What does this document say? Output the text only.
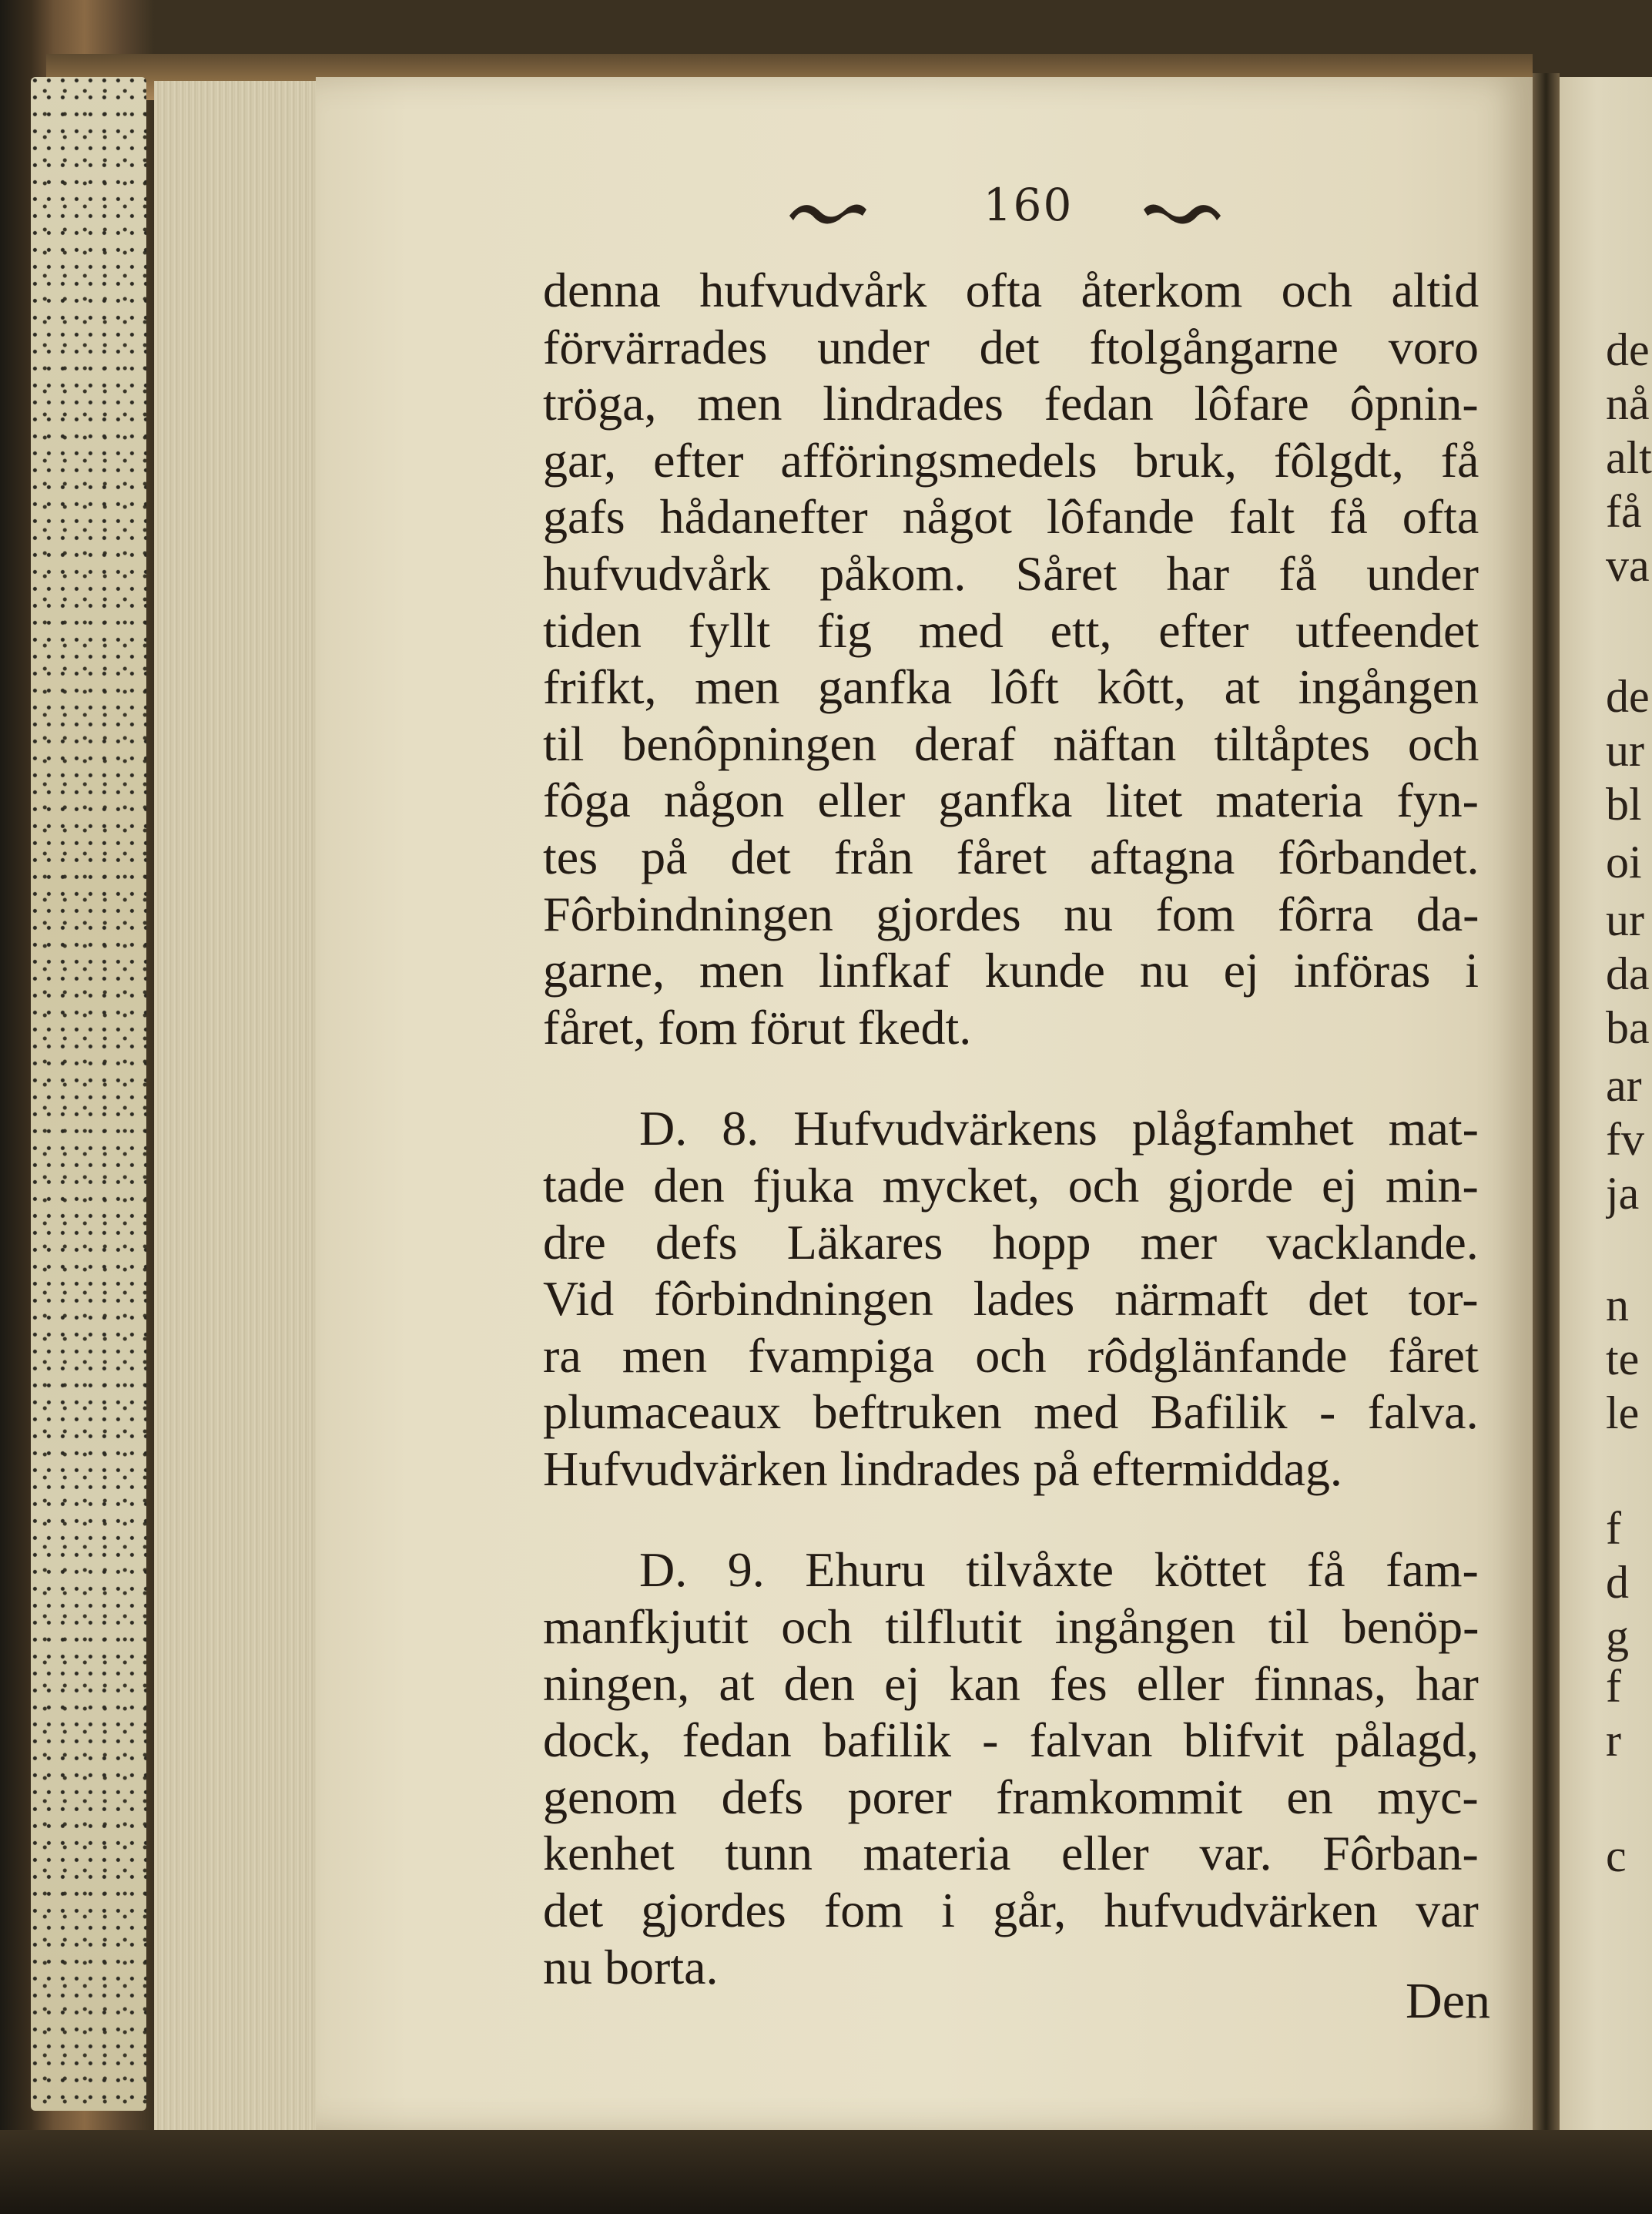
160

denna hufvudvårk ofta återkom och altid
förvärrades under det ftolgångarne voro
tröga, men lindrades fedan lôfare ôpnin-
gar, efter afföringsmedels bruk, fôlgdt, få
gafs hådanefter något lôfande falt få ofta
hufvudvårk påkom. Såret har få under
tiden fyllt fig med ett, efter utfeendet
frifkt, men ganfka lôft kôtt, at ingången
til benôpningen deraf näftan tiltåptes och
fôga någon eller ganfka litet materia fyn-
tes på det från fåret aftagna fôrbandet.
Fôrbindningen gjordes nu fom fôrra da-
garne, men linfkaf kunde nu ej införas i
fåret, fom förut fkedt.

D. 8. Hufvudvärkens plågfamhet mat-
tade den fjuka mycket, och gjorde ej min-
dre defs Läkares hopp mer vacklande.
Vid fôrbindningen lades närmaft det tor-
ra men fvampiga och rôdglänfande fåret
plumaceaux beftruken med Bafilik - falva.
Hufvudvärken lindrades på eftermiddag.

D. 9. Ehuru tilvåxte köttet få fam-
manfkjutit och tilflutit ingången til benöp-
ningen, at den ej kan fes eller finnas, har
dock, fedan bafilik - falvan blifvit pålagd,
genom defs porer framkommit en myc-
kenhet tunn materia eller var. Fôrban-
det gjordes fom i går, hufvudvärken var
nu borta.

Den
de
nå
alt
få
va
de
ur
bl
oi
ur
da
ba
ar
fv
ja
n
te
le
f
d
g
f
r
c
